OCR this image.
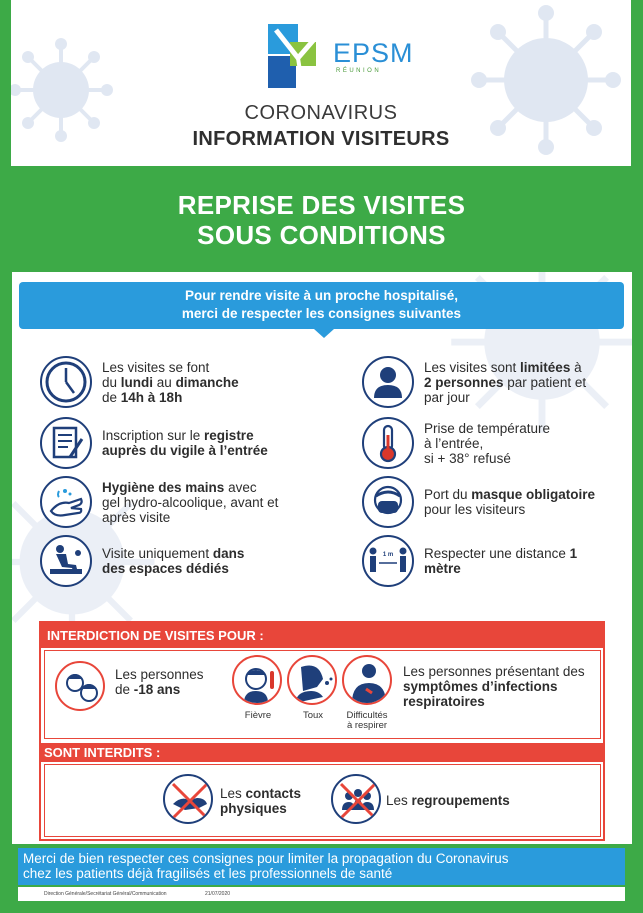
EPSM
RÉUNION
CORONAVIRUS
INFORMATION VISITEURS
REPRISE DES VISITES
SOUS CONDITIONS
Pour rendre visite à un proche hospitalisé,
merci de respecter les consignes suivantes
Les visites se font
du lundi au dimanche
de 14h à 18h
Inscription sur le registre
auprès du vigile à l’entrée
Hygiène des mains avec
gel hydro-alcoolique, avant et
après visite
Visite uniquement dans
des espaces dédiés
Les visites sont limitées à
2 personnes par patient et
par jour
Prise de température
à l’entrée,
si + 38° refusé
Port du masque obligatoire
pour les visiteurs
1 m Respecter une distance 1
mètre
INTERDICTION DE VISITES POUR :
Les personnes
de -18 ans
Fièvre	Toux	Difficultés
à respirer
Les personnes présentant des
symptômes d’infections
respiratoires
SONT INTERDITS :
Les contacts
physiques
Les regroupements
Merci de bien respecter ces consignes pour limiter la propagation du Coronavirus
chez les patients déjà fragilisés et les professionnels de santé
Direction Générale/Secrétariat Général/Communication	21/07/2020
